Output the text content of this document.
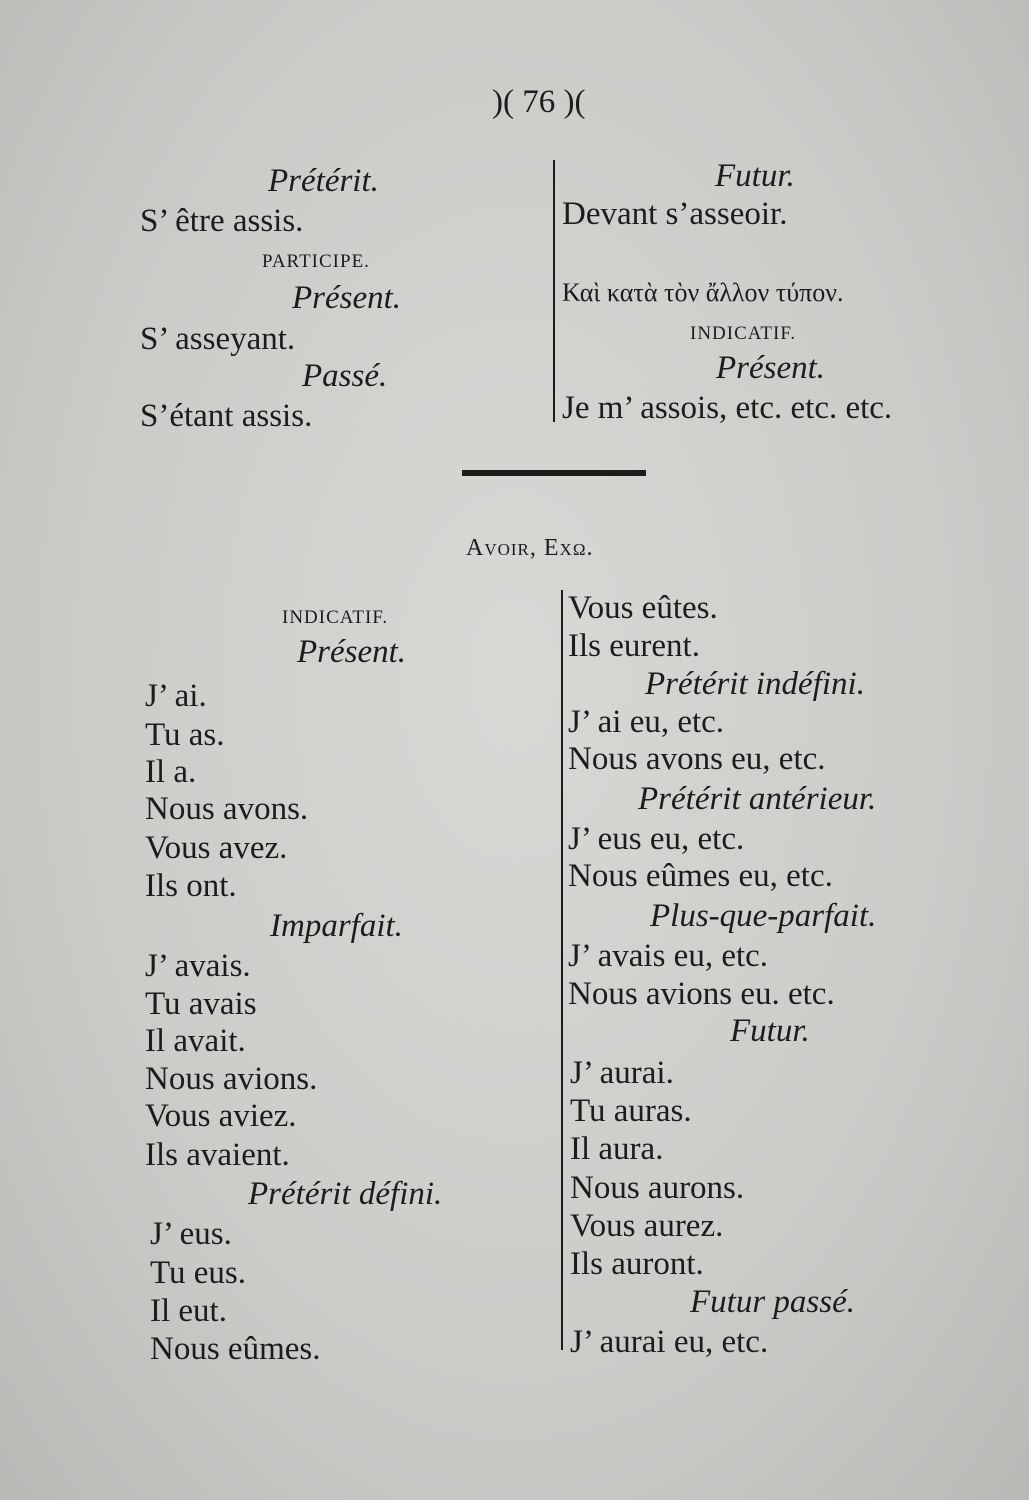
)( 76 )(
Prétérit.
S’ être assis.
PARTICIPE.
Présent.
S’ asseyant.
Passé.
S’étant assis.
Futur.
Devant s’asseoir.
Καὶ κατὰ τὸν ἄλλον τύπον.
INDICATIF.
Présent.
Je m’ assois, etc. etc. etc.
Avoir, Εχω.
INDICATIF.
Présent.
J’ ai.
Tu as.
Il a.
Nous avons.
Vous avez.
Ils ont.
Imparfait.
J’ avais.
Tu avais
Il avait.
Nous avions.
Vous aviez.
Ils avaient.
Prétérit défini.
J’ eus.
Tu eus.
Il eut.
Nous eûmes.
Vous eûtes.
Ils eurent.
Prétérit indéfini.
J’ ai eu, etc.
Nous avons eu, etc.
Prétérit antérieur.
J’ eus eu, etc.
Nous eûmes eu, etc.
Plus-que-parfait.
J’ avais eu, etc.
Nous avions eu. etc.
Futur.
J’ aurai.
Tu auras.
Il aura.
Nous aurons.
Vous aurez.
Ils auront.
Futur passé.
J’ aurai eu, etc.
